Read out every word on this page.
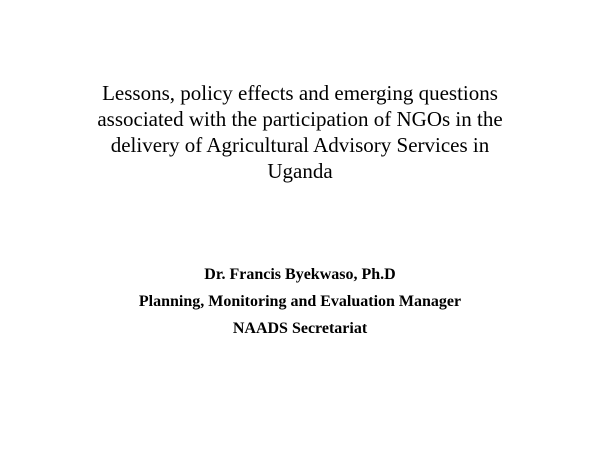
Lessons, policy effects and emerging questions
associated with the participation of NGOs in the
delivery of Agricultural Advisory Services in
Uganda
Dr. Francis Byekwaso, Ph.D
Planning, Monitoring and Evaluation Manager
NAADS Secretariat
